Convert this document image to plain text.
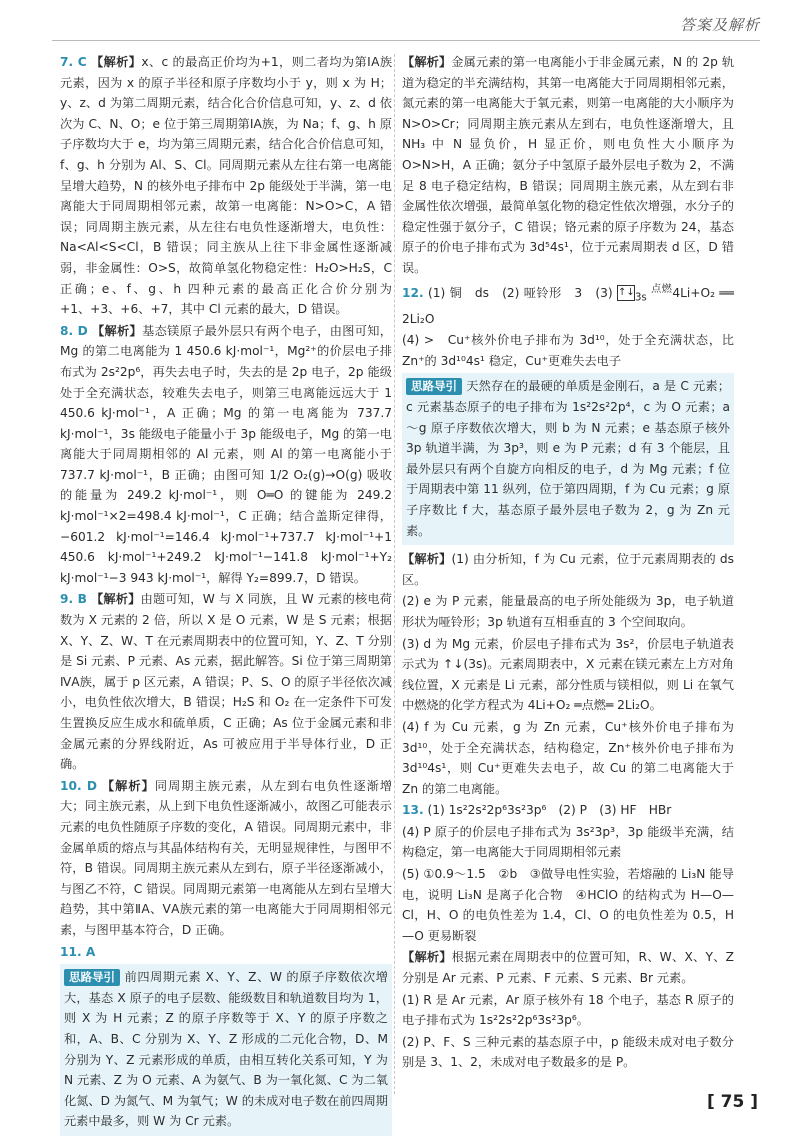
答案及解析

7. C 【解析】x、c 的最高正价均为+1，则二者均为第ⅠA族元素，因为 x 的原子半径和原子序数均小于 y，则 x 为 H；y、z、d 为第二周期元素，结合化合价信息可知，y、z、d 依次为 C、N、O；e 位于第三周期第ⅠA族，为 Na；f、g、h 原子序数均大于 e，均为第三周期元素，结合化合价信息可知，f、g、h 分别为 Al、S、Cl。同周期元素从左往右第一电离能呈增大趋势，N 的核外电子排布中 2p 能级处于半满，第一电离能大于同周期相邻元素，故第一电离能：N>O>C，A 错误；同周期主族元素，从左往右电负性逐渐增大，电负性：Na<Al<S<Cl，B 错误；同主族从上往下非金属性逐渐减弱，非金属性：O>S，故简单氢化物稳定性：H₂O>H₂S，C 正确；e、f、g、h 四种元素的最高正化合价分别为+1、+3、+6、+7，其中 Cl 元素的最大，D 错误。

8. D 【解析】基态镁原子最外层只有两个电子，由图可知，Mg 的第二电离能为 1 450.6 kJ·mol⁻¹，Mg²⁺的价层电子排布式为 2s²2p⁶，再失去电子时，失去的是 2p 电子，2p 能级处于全充满状态，较难失去电子，则第三电离能远远大于 1 450.6 kJ·mol⁻¹，A 正确；Mg 的第一电离能为 737.7 kJ·mol⁻¹，3s 能级电子能量小于 3p 能级电子，Mg 的第一电离能大于同周期相邻的 Al 元素，则 Al 的第一电离能小于 737.7 kJ·mol⁻¹，B 正确；由图可知 1/2 O₂(g)→O(g) 吸收的能量为 249.2 kJ·mol⁻¹，则 O═O 的键能为 249.2 kJ·mol⁻¹×2=498.4 kJ·mol⁻¹，C 正确；结合盖斯定律得，−601.2 kJ·mol⁻¹=146.4 kJ·mol⁻¹+737.7 kJ·mol⁻¹+1 450.6 kJ·mol⁻¹+249.2 kJ·mol⁻¹−141.8 kJ·mol⁻¹+Y₂ kJ·mol⁻¹−3 943 kJ·mol⁻¹，解得 Y₂=899.7，D 错误。

9. B 【解析】由题可知，W 与 X 同族，且 W 元素的核电荷数为 X 元素的 2 倍，所以 X 是 O 元素，W 是 S 元素；根据 X、Y、Z、W、T 在元素周期表中的位置可知，Y、Z、T 分别是 Si 元素、P 元素、As 元素，据此解答。Si 位于第三周期第ⅣA族，属于 p 区元素，A 错误；P、S、O 的原子半径依次减小，电负性依次增大，B 错误；H₂S 和 O₂ 在一定条件下可发生置换反应生成水和硫单质，C 正确；As 位于金属元素和非金属元素的分界线附近，As 可被应用于半导体行业，D 正确。

10. D 【解析】同周期主族元素，从左到右电负性逐渐增大；同主族元素，从上到下电负性逐渐减小，故图乙可能表示元素的电负性随原子序数的变化，A 错误。同周期元素中，非金属单质的熔点与其晶体结构有关，无明显规律性，与图甲不符，B 错误。同周期主族元素从左到右，原子半径逐渐减小，与图乙不符，C 错误。同周期元素第一电离能从左到右呈增大趋势，其中第ⅡA、ⅤA族元素的第一电离能大于同周期相邻元素，与图甲基本符合，D 正确。

11. A

思路导引 前四周期元素 X、Y、Z、W 的原子序数依次增大，基态 X 原子的电子层数、能级数目和轨道数目均为 1，则 X 为 H 元素；Z 的原子序数等于 X、Y 的原子序数之和，A、B、C 分别为 X、Y、Z 形成的二元化合物，D、M 分别为 Y、Z 元素形成的单质，由相互转化关系可知，Y 为 N 元素、Z 为 O 元素、A 为氨气、B 为一氧化氮、C 为二氧化氮、D 为氮气、M 为氧气；W 的未成对电子数在前四周期元素中最多，则 W 为 Cr 元素。

【解析】金属元素的第一电离能小于非金属元素，N 的 2p 轨道为稳定的半充满结构，其第一电离能大于同周期相邻元素，氮元素的第一电离能大于氧元素，则第一电离能的大小顺序为 N>O>Cr；同周期主族元素从左到右，电负性逐渐增大，且 NH₃ 中 N 显负价，H 显正价，则电负性大小顺序为 O>N>H，A 正确；氨分子中氢原子最外层电子数为 2，不满足 8 电子稳定结构，B 错误；同周期主族元素，从左到右非金属性依次增强，最简单氢化物的稳定性依次增强，水分子的稳定性强于氨分子，C 错误；铬元素的原子序数为 24，基态原子的价电子排布式为 3d⁵4s¹，位于元素周期表 d 区，D 错误。

12. (1) 铜　ds　(2) 哑铃形　3　(3) $↑↓_{3s}$ $^{点燃}$4Li+O₂ ══ 2Li₂O

(4) >　Cu⁺核外价电子排布为 3d¹⁰，处于全充满状态，比 Zn⁺的 3d¹⁰4s¹ 稳定，Cu⁺更难失去电子

思路导引 天然存在的最硬的单质是金刚石，a 是 C 元素；c 元素基态原子的电子排布为 1s²2s²2p⁴，c 为 O 元素；a～g 原子序数依次增大，则 b 为 N 元素；e 基态原子核外 3p 轨道半满，为 3p³，则 e 为 P 元素；d 有 3 个能层，且最外层只有两个自旋方向相反的电子，d 为 Mg 元素；f 位于周期表中第 11 纵列，位于第四周期，f 为 Cu 元素；g 原子序数比 f 大，基态原子最外层电子数为 2，g 为 Zn 元素。

【解析】(1) 由分析知，f 为 Cu 元素，位于元素周期表的 ds 区。

(2) e 为 P 元素，能量最高的电子所处能级为 3p，电子轨道形状为哑铃形；3p 轨道有互相垂直的 3 个空间取向。

(3) d 为 Mg 元素，价层电子排布式为 3s²，价层电子轨道表示式为 ↑↓(3s)。元素周期表中，X 元素在镁元素左上方对角线位置，X 元素是 Li 元素，部分性质与镁相似，则 Li 在氧气中燃烧的化学方程式为 4Li+O₂ ═点燃═ 2Li₂O。

(4) f 为 Cu 元素，g 为 Zn 元素，Cu⁺核外价电子排布为 3d¹⁰，处于全充满状态，结构稳定，Zn⁺核外价电子排布为 3d¹⁰4s¹，则 Cu⁺更难失去电子，故 Cu 的第二电离能大于 Zn 的第二电离能。

13. (1) 1s²2s²2p⁶3s²3p⁶　(2) P　(3) HF　HBr

(4) P 原子的价层电子排布式为 3s²3p³，3p 能级半充满，结构稳定，第一电离能大于同周期相邻元素

(5) ①0.9～1.5　②b　③做导电性实验，若熔融的 Li₃N 能导电，说明 Li₃N 是离子化合物　④HClO 的结构式为 H—O—Cl，H、O 的电负性差为 1.4，Cl、O 的电负性差为 0.5，H—O 更易断裂

【解析】根据元素在周期表中的位置可知，R、W、X、Y、Z 分别是 Ar 元素、P 元素、F 元素、S 元素、Br 元素。

(1) R 是 Ar 元素，Ar 原子核外有 18 个电子，基态 R 原子的电子排布式为 1s²2s²2p⁶3s²3p⁶。

(2) P、F、S 三种元素的基态原子中，p 能级未成对电子数分别是 3、1、2，未成对电子数最多的是 P。

[ 75 ]
